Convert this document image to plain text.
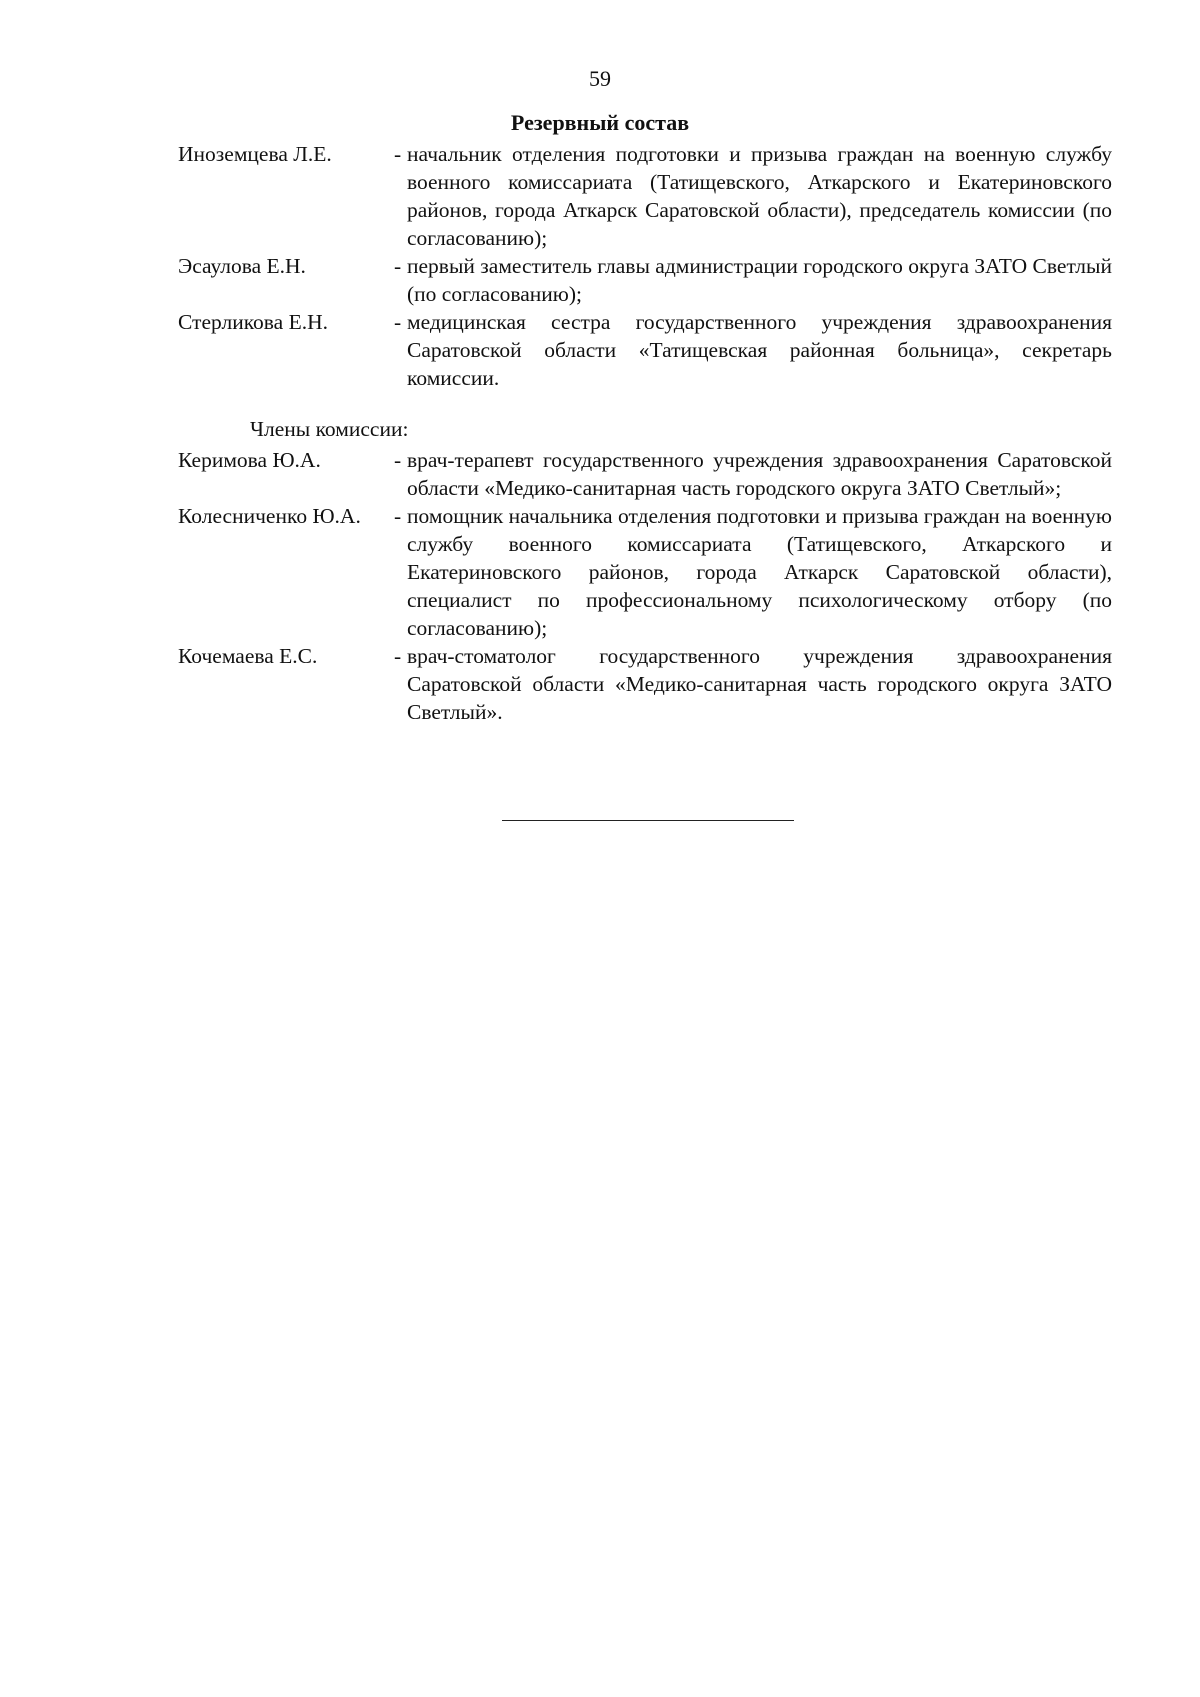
59
Резервный состав
Иноземцева Л.Е.	- начальник отделения подготовки и призыва граждан на военную службу военного комиссариата (Татищевского, Аткарского и Екатериновского районов, города Аткарск Саратовской области), председатель комиссии (по согласованию);
Эсаулова Е.Н.	- первый заместитель главы администрации городского округа ЗАТО Светлый (по согласованию);
Стерликова Е.Н.	- медицинская сестра государственного учреждения здравоохранения Саратовской области «Татищевская районная больница», секретарь комиссии.
Члены комиссии:
Керимова Ю.А.	- врач-терапевт государственного учреждения здравоохранения Саратовской области «Медико-санитарная часть городского округа ЗАТО Светлый»;
Колесниченко Ю.А.	- помощник начальника отделения подготовки и призыва граждан на военную службу военного комиссариата (Татищевского, Аткарского и Екатериновского районов, города Аткарск Саратовской области), специалист по профессиональному психологическому отбору (по согласованию);
Кочемаева Е.С.	- врач-стоматолог государственного учреждения здравоохранения Саратовской области «Медико-санитарная часть городского округа ЗАТО Светлый».
